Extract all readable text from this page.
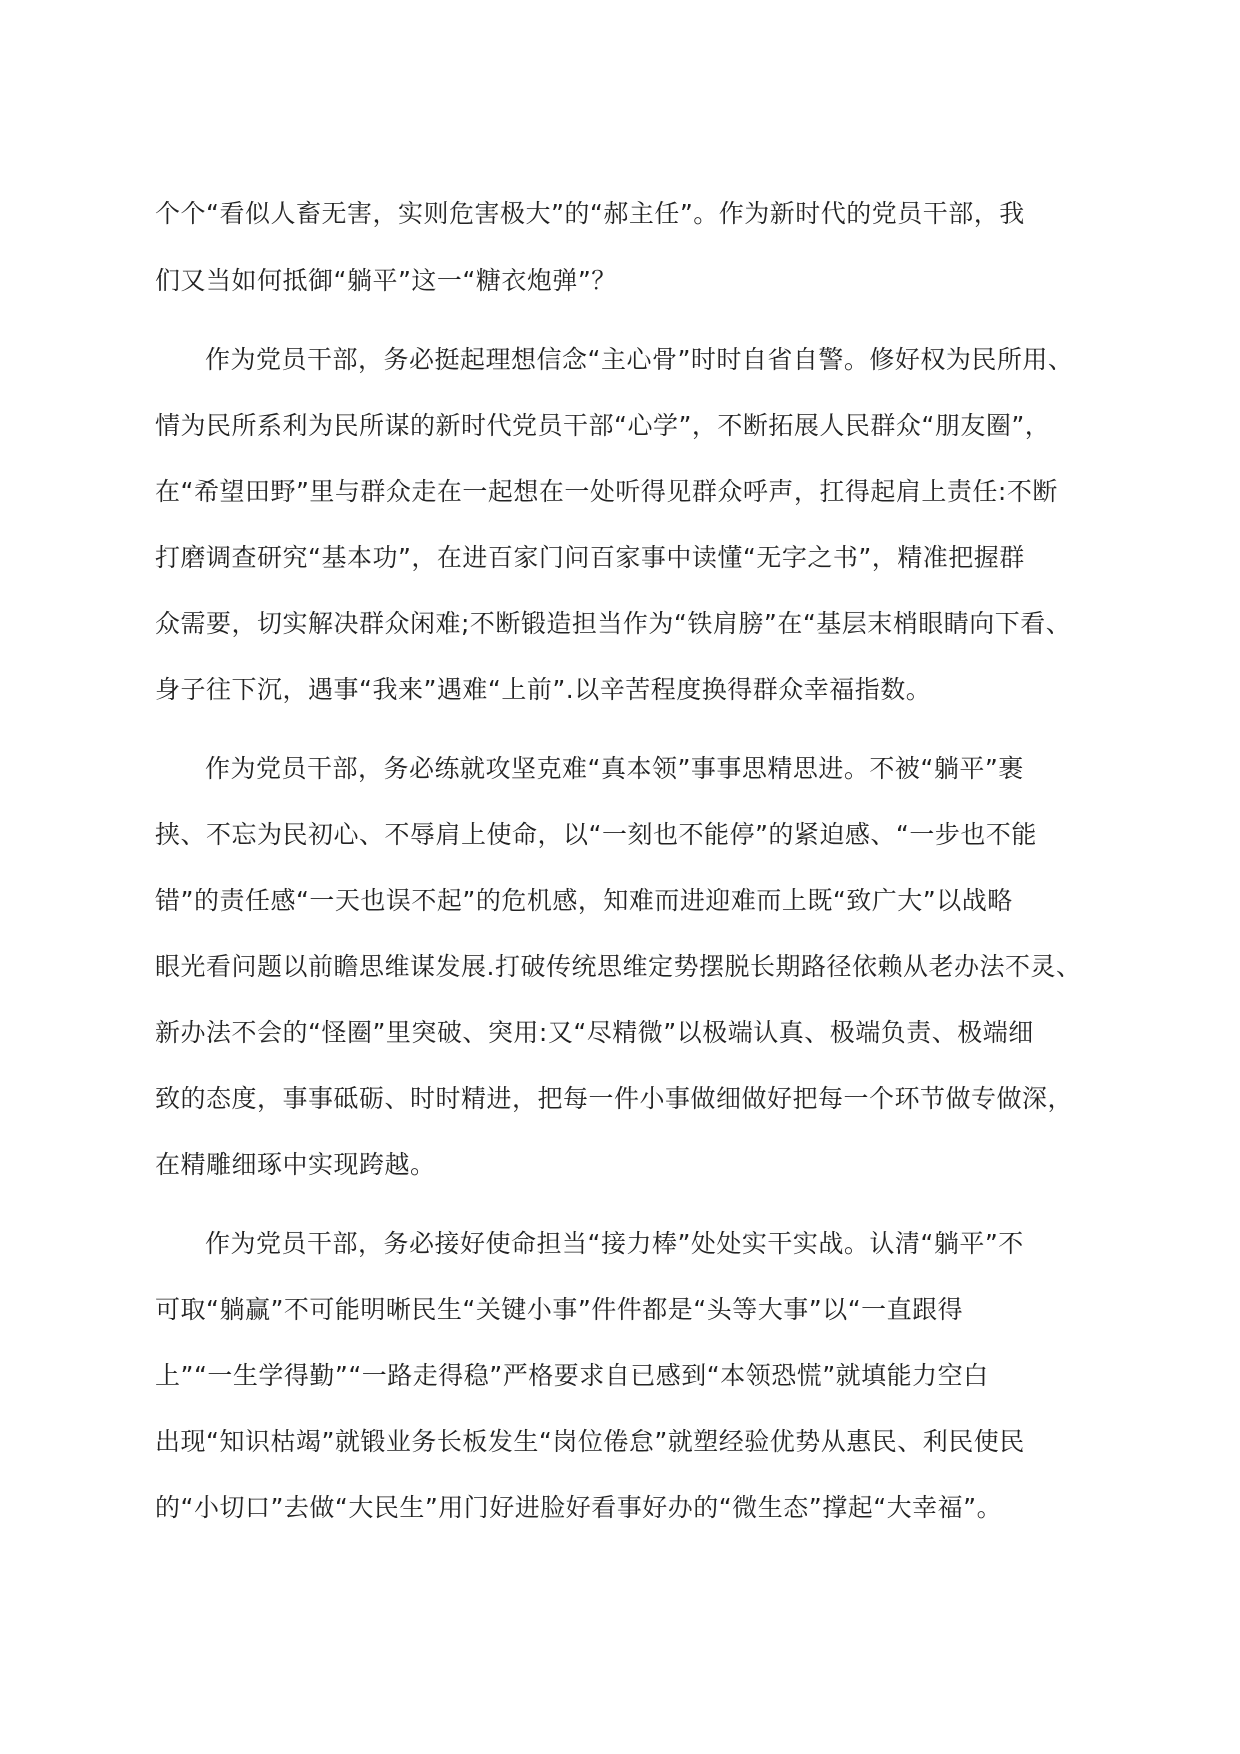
个个“看似人畜无害，实则危害极大”的“郝主任”。作为新时代的党员干部，我
们又当如何抵御“躺平”这一“糖衣炮弹”？
作为党员干部，务必挺起理想信念“主心骨”时时自省自警。修好权为民所用、
情为民所系利为民所谋的新时代党员干部“心学”，不断拓展人民群众“朋友圈”，
在“希望田野”里与群众走在一起想在一处听得见群众呼声，扛得起肩上责任:不断
打磨调查研究“基本功”，在进百家门问百家事中读懂“无字之书”，精准把握群
众需要，切实解决群众闲难;不断锻造担当作为“铁肩膀”在“基层末梢眼睛向下看、
身子往下沉，遇事“我来”遇难“上前”.以辛苦程度换得群众幸福指数。
作为党员干部，务必练就攻坚克难“真本领”事事思精思进。不被“躺平”裹
挟、不忘为民初心、不辱肩上使命，以“一刻也不能停”的紧迫感、“一步也不能
错”的责任感“一天也误不起”的危机感，知难而进迎难而上既“致广大”以战略
眼光看问题以前瞻思维谋发展.打破传统思维定势摆脱长期路径依赖从老办法不灵、
新办法不会的“怪圈”里突破、突用:又“尽精微”以极端认真、极端负责、极端细
致的态度，事事砥砺、时时精进，把每一件小事做细做好把每一个环节做专做深，
在精雕细琢中实现跨越。
作为党员干部，务必接好使命担当“接力棒”处处实干实战。认清“躺平”不
可取“躺赢”不可能明晰民生“关键小事”件件都是“头等大事”以“一直跟得
上”“一生学得勤”“一路走得稳”严格要求自已感到“本领恐慌”就填能力空白
出现“知识枯竭”就锻业务长板发生“岗位倦怠”就塑经验优势从惠民、利民使民
的“小切口”去做“大民生”用门好进脸好看事好办的“微生态”撑起“大幸福”。
